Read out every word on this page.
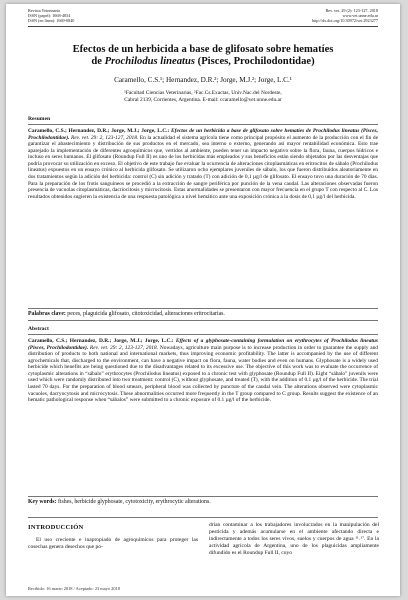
Revista Veterinaria
ISSN (papel): 1668-4834
ISSN (en línea): 1669-6840
Rev. vet. 29 (2): 123-127, 2018
www.vet.unne.edu.ar
http://dx.doi.org/10.30972/vet.2923277
Efectos de un herbicida a base de glifosato sobre hematíes
de Prochilodus lineatus (Pisces, Prochilodontidae)
Caramello, C.S.¹; Hernandez, D.R.²; Jorge, M.J.²; Jorge, L.C.¹
¹Facultad Ciencias Veterinarias, ²Fac.Cs.Exactas, Univ.Nac.del Nordeste,
Cabral 2139, Corrientes, Argentina. E-mail: ccaramello@vet.unne.edu.ar
Resumen
Caramello, C.S.; Hernandez, D.R.; Jorge, M.J.; Jorge, L.C.: Efectos de un herbicida a base de glifosato sobre hematíes de Prochilodus lineatus (Pisces, Prochilodontidae). Rev. vet. 29: 2, 123-127, 2018. En la actualidad el sistema agrícola tiene como principal propósito el aumento de la producción con el fin de garantizar el abastecimiento y distribución de sus productos en el mercado, sea interno o externo, generando así mayor rentabilidad económica. Esto trae aparejado la implementación de diferentes agroquímicos que, vertidos al ambiente, pueden tener un impacto negativo sobre la flora, fauna, cuerpos hídricos e incluso en seres humanos. El glifosato (Roundup Full II) es uno de los herbicidas más empleados y sus beneficios están siendo objetados por las desventajas que podría provocar su utilización en exceso. El objetivo de este trabajo fue evaluar la ocurrencia de alteraciones citoplasmáticas en eritrocitos de sábalo (Prochilodus lineatus) expuestos en un ensayo crónico al herbicida glifosato. Se utilizaron ocho ejemplares juveniles de sábalo, los que fueron distribuidos aleatoriamente en dos tratamientos según la adición del herbicida: control (C) sin adición y tratado (T) con adición de 0,1 µg/l de glifosato. El ensayo tuvo una duración de 70 días. Para la preparación de los frotis sanguíneos se procedió a la extracción de sangre periférica por punción de la vena caudal. Las alteraciones observadas fueron presencia de vacuolas citoplasmáticas, dacriocitosis y microcitosis. Estas anormalidades se presentaron con mayor frecuencia en el grupo T con respecto al C. Los resultados obtenidos sugieren la existencia de una respuesta patológica a nivel hemático ante una exposición crónica a la dosis de 0,1 µg/l del herbicida.
Palabras clave: peces, plaguicida glifosato, citotoxicidad, alteraciones eritrocitarias.
Abstract
Caramello, C.S.; Hernandez, D.R.; Jorge, M.J.; Jorge, L.C.: Effects of a glyphosate-containing formulation on erythrocytes of Prochilodus lineatus (Pisces, Prochilodontidae). Rev. vet. 29: 2, 123-127, 2018. Nowadays, agriculture main purpose is to increase production in order to guarantee the supply and distribution of products to both national and international markets, thus improving economic profitability. The latter is accompanied by the use of different agrochemicals that, discharged to the environment, can have a negative impact on flora, fauna, water bodies and even on humans. Glyphosate is a widely used herbicide which benefits are being questioned due to the disadvantages related to its excessive use. The objective of this work was to evaluate the occurrence of cytoplasmic alterations in “sábalo” erythrocytes (Prochilodus lineatus) exposed to a chronic test with glyphosate (Roundup Full II). Eight “sábalo” juvenils were used which were randomly distributed into two treatment: control (C), without glyphosate, and treated (T), with the addition of 0.1 µg/l of the herbicide. The trial lasted 70 days. For the preparation of blood smears, peripheral blood was collected by puncture of the caudal vein. The alterations observed were cytoplasmic vacuoles, dacryocytosis and microcytosis. These abnormalities occurred more frequently in the T group compared to C group. Results suggest the existence of an hematic pathological response when “sábalos” were submitted to a chronic exposure of 0.1 µg/l of the herbicide.
Key words: fishes, herbicide glyphosate, cytotoxicity, erythrocytic alterations.
INTRODUCCIÓN
El uso creciente e inapropiado de agroquímicos para proteger las cosechas genera desechos que po-
drían contaminar a los trabajadores involucrados en la manipulación del pesticida y además acumularse en el ambiente afectando directa e indirectamente a todos los seres vivos, suelos y cuerpos de agua ¹¹˒¹⁷. En la actividad agrícola de Argentina, uno de los plaguicidas ampliamente difundido es el Roundup Full II, cuyo
Recibido: 16 marzo 2018 / Aceptado: 23 mayo 2018
